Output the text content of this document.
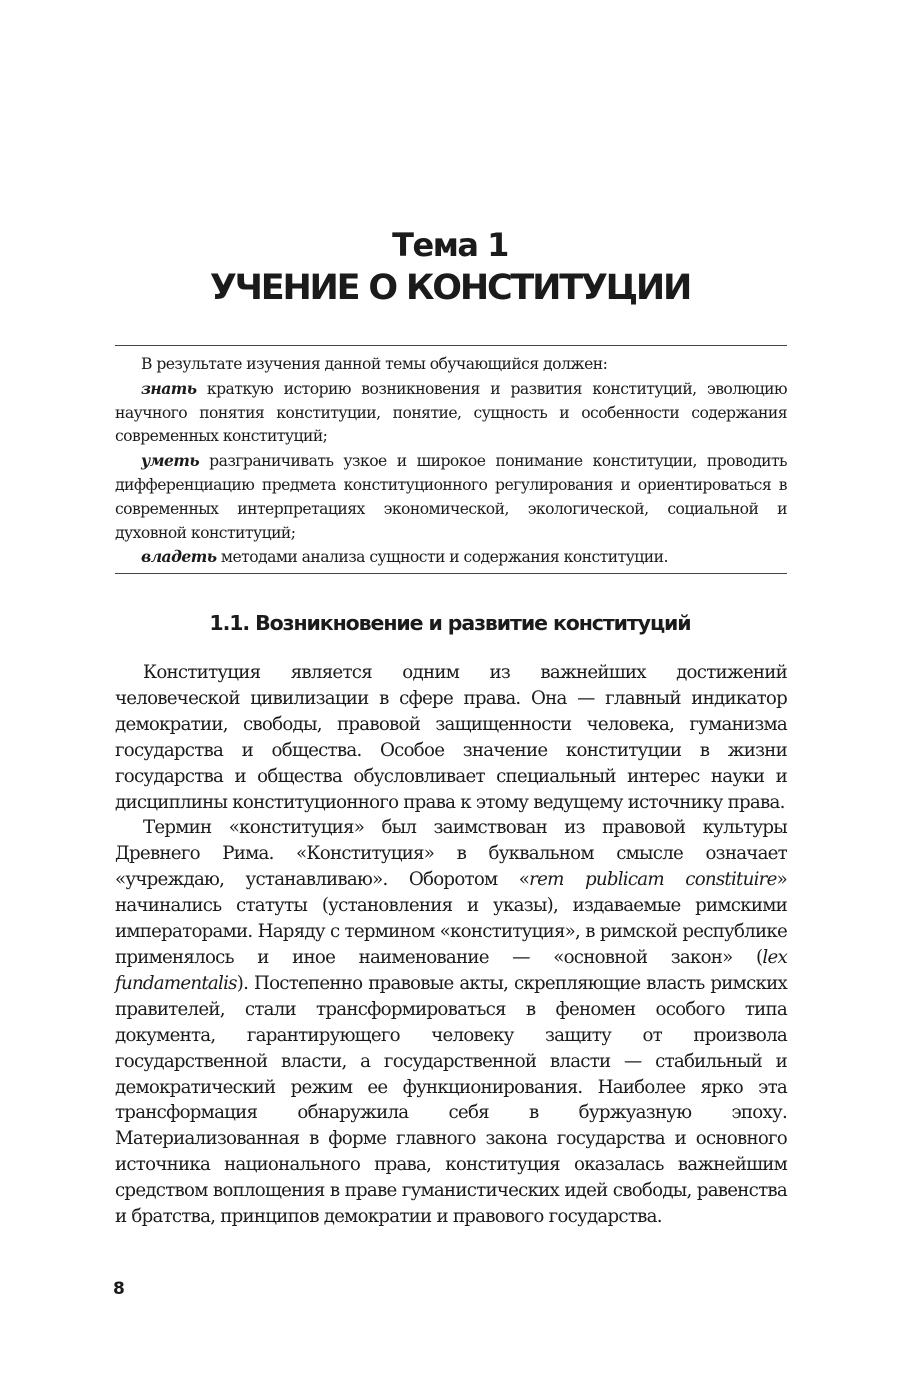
Тема 1
УЧЕНИЕ О КОНСТИТУЦИИ

В результате изучения данной темы обучающийся должен:

знать краткую историю возникновения и развития конституций, эволюцию научного понятия конституции, понятие, сущность и особенности содержания современных конституций;

уметь разграничивать узкое и широкое понимание конституции, проводить дифференциацию предмета конституционного регулирования и ориентироваться в современных интерпретациях экономической, экологической, социальной и духовной конституций;

владеть методами анализа сущности и содержания конституции.

1.1. Возникновение и развитие конституций

Конституция является одним из важнейших достижений человеческой цивилизации в сфере права. Она — главный индикатор демократии, свободы, правовой защищенности человека, гуманизма государства и общества. Особое значение конституции в жизни государства и общества обусловливает специальный интерес науки и дисциплины конституционного права к этому ведущему источнику права.

Термин «конституция» был заимствован из правовой культуры Древнего Рима. «Конституция» в буквальном смысле означает «учреждаю, устанавливаю». Оборотом «rem publicam constituire» начинались статуты (установления и указы), издаваемые римскими императорами. Наряду с термином «конституция», в римской республике применялось и иное наименование — «основной закон» (lex fundamentalis). Постепенно правовые акты, скрепляющие власть римских правителей, стали трансформироваться в феномен особого типа документа, гарантирующего человеку защиту от произвола государственной власти, а государственной власти — стабильный и демократический режим ее функционирования. Наиболее ярко эта трансформация обнаружила себя в буржуазную эпоху. Материализованная в форме главного закона государства и основного источника национального права, конституция оказалась важнейшим средством воплощения в праве гуманистических идей свободы, равенства и братства, принципов демократии и правового государства.

8
